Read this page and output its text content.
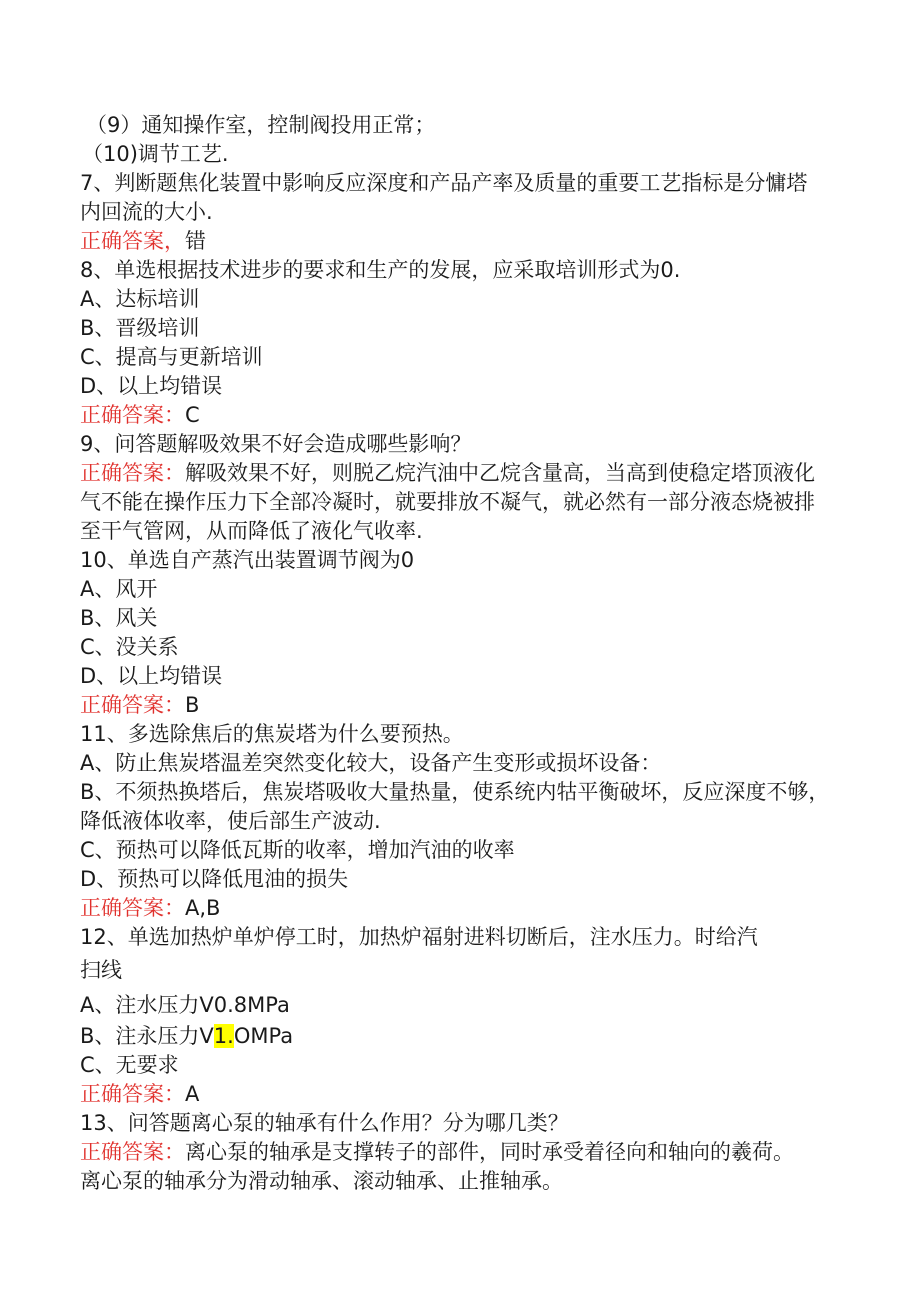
（9）通知操作室，控制阀投用正常；
（10)调节工艺.
7、判断题焦化装置中影响反应深度和产品产率及质量的重要工艺指标是分慵塔
内回流的大小.
正确答案，错
8、单选根据技术进步的要求和生产的发展，应采取培训形式为0.
A、达标培训
B、晋级培训
C、提高与更新培训
D、以上均错误
正确答案：C
9、问答题解吸效果不好会造成哪些影响？
正确答案：解吸效果不好，则脱乙烷汽油中乙烷含量高，当高到使稳定塔顶液化
气不能在操作压力下全部冷凝时，就要排放不凝气，就必然有一部分液态烧被排
至干气管网，从而降低了液化气收率.
10、单选自产蒸汽出装置调节阀为0
A、风开
B、风关
C、没关系
D、以上均错误
正确答案：B
11、多选除焦后的焦炭塔为什么要预热。
A、防止焦炭塔温差突然变化较大，设备产生变形或损坏设备：
B、不须热换塔后，焦炭塔吸收大量热量，使系统内牯平衡破坏，反应深度不够，
降低液体收率，使后部生产波动.
C、预热可以降低瓦斯的收率，增加汽油的收率
D、预热可以降低甩油的损失
正确答案：A,B
12、单选加热炉单炉停工时，加热炉福射进料切断后，注水压力。时给汽
扫线
A、注水压力V0.8MPa
B、注永压力V1.OMPa
C、无要求
正确答案：A
13、问答题离心泵的轴承有什么作用？分为哪几类？
正确答案：离心泵的轴承是支撑转子的部件，同时承受着径向和轴向的羲荷。
离心泵的轴承分为滑动轴承、滚动轴承、止推轴承。
